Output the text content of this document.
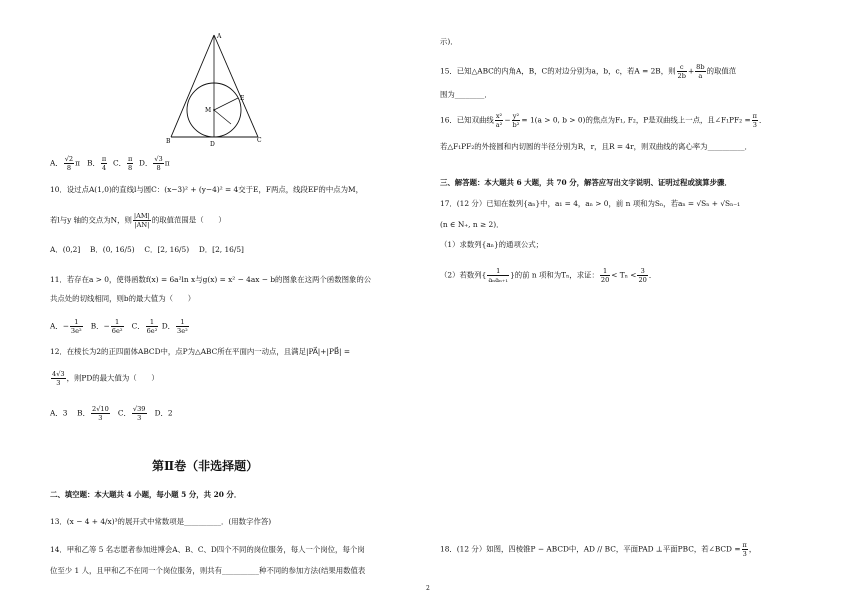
A
B	C
D
E
M
A． $\frac{√2}{8}$ π B． $\frac{\pi}{4}$ C． $\frac{\pi}{8}$ D． $\frac{√3}{8}$ π
10．设过点A(1,0)的直线l与圆C：(x−3)² + (y−4)² = 4交于E，F两点，线段EF的中点为M，
若l与y 轴的交点为N，则 $\frac{|AM|}{|AN|}$ 的取值范围是（　　）
A．(0,2]　 B．(0, 16/5)　 C．[2, 16/5)　 D．[2, 16/5]
11．若存在a > 0，使得函数f(x) = 6a²ln x与g(x) = x² − 4ax − b的图象在这两个函数图象的公
共点处的切线相同，则b的最大值为（　　）
A．− $\frac{1}{\text{3e²}}$ B．− $\frac{1}{\text{6e²}}$ C． $\frac{1}{\text{6e²}}$ D． $\frac{1}{\text{3e²}}$
12．在棱长为2的正四面体ABCD中，点P为△ABC所在平面内一动点，且满足|PA⃗|+|PB⃗| =
$\frac{4√3}{3}$ ，则PD的最大值为（　　）
A．3　 B． $\frac{2√10}{3}$ C． $\frac{√39}{3}$ D．2
第Ⅱ卷（非选择题）
二、填空题：本大题共 4 小题，每小题 5 分，共 20 分．
13．(x − 4 + 4/x)³的展开式中常数项是__________．(用数字作答)
14．甲和乙等 5 名志愿者参加进博会A、B、C、D四个不同的岗位服务，每人一个岗位，每个岗
位至少 1 人，且甲和乙不在同一个岗位服务，则共有__________种不同的参加方法(结果用数值表
示)．
15．已知△ABC的内角A，B，C的对边分别为a，b，c，若A = 2B，则 $\frac{c}{2b} + \frac{8b}{a}$ 的取值范
围为________．
16．已知双曲线 $\frac{\text{x²}}{\text{a²}} - \frac{\text{y²}}{\text{b²}} = 1(a > 0$, b > 0)的焦点为F₁, F₂，P是双曲线上一点，且∠F₁PF₂ = $\frac{\pi}{3}$ ．
若△F₁PF₂的外接圆和内切圆的半径分别为R，r，且R = 4r，则双曲线的离心率为__________．
三、解答题：本大题共 6 大题，共 70 分，解答应写出文字说明、证明过程或演算步骤．
17．(12 分）已知在数列{aₙ}中，a₁ = 4，aₙ > 0，前 n 项和为Sₙ，若aₙ = √Sₙ + √Sₙ₋₁
(n ∈ N₊, n ≥ 2)．
（1）求数列{aₙ}的通项公式；
（2）若数列{ $\frac{1}{\text{aₙaₙ₊₁}}$ }的前 n 项和为Tₙ，求证： $\frac{1}{20} < T_n < \frac{3}{20}$ ．
18．(12 分）如图，四棱锥P − ABCD中，AD // BC，平面PAD ⊥平面PBC，若∠BCD = $\frac{\pi}{3}$ ，
2
